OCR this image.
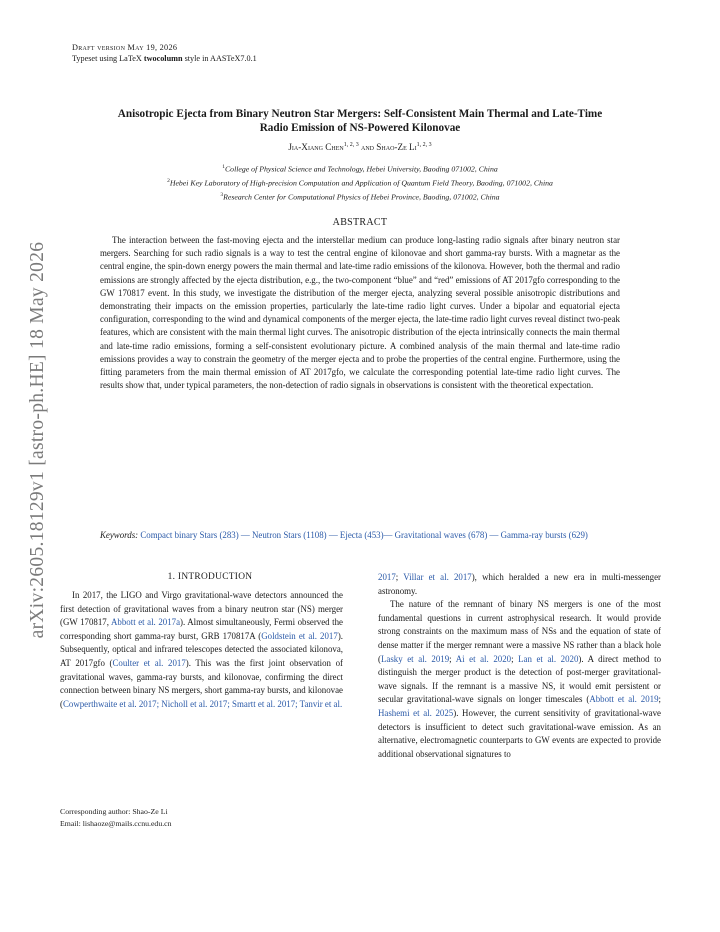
Draft version May 19, 2026
Typeset using LaTeX twocolumn style in AASTeX7.0.1
arXiv:2605.18129v1 [astro-ph.HE] 18 May 2026
Anisotropic Ejecta from Binary Neutron Star Mergers: Self-Consistent Main Thermal and Late-Time
Radio Emission of NS-Powered Kilonovae
Jia-Xiang Chen$^{1, 2, 3}$ and Shao-Ze Li$^{1, 2, 3}$
$^1$College of Physical Science and Technology, Hebei University, Baoding 071002, China
$^2$Hebei Key Laboratory of High-precision Computation and Application of Quantum Field Theory, Baoding, 071002, China
$^3$Research Center for Computational Physics of Hebei Province, Baoding, 071002, China
ABSTRACT
The interaction between the fast-moving ejecta and the interstellar medium can produce long-lasting radio signals after binary neutron star mergers. Searching for such radio signals is a way to test the central engine of kilonovae and short gamma-ray bursts. With a magnetar as the central engine, the spin-down energy powers the main thermal and late-time radio emissions of the kilonova. However, both the thermal and radio emissions are strongly affected by the ejecta distribution, e.g., the two-component “blue” and “red” emissions of AT 2017gfo corresponding to the GW 170817 event. In this study, we investigate the distribution of the merger ejecta, analyzing several possible anisotropic distributions and demonstrating their impacts on the emission properties, particularly the late-time radio light curves. Under a bipolar and equatorial ejecta configuration, corresponding to the wind and dynamical components of the merger ejecta, the late-time radio light curves reveal distinct two-peak features, which are consistent with the main thermal light curves. The anisotropic distribution of the ejecta intrinsically connects the main thermal and late-time radio emissions, forming a self-consistent evolutionary picture. A combined analysis of the main thermal and late-time radio emissions provides a way to constrain the geometry of the merger ejecta and to probe the properties of the central engine. Furthermore, using the fitting parameters from the main thermal emission of AT 2017gfo, we calculate the corresponding potential late-time radio light curves. The results show that, under typical parameters, the non-detection of radio signals in observations is consistent with the theoretical expectation.
Keywords: Compact binary Stars (283) — Neutron Stars (1108) — Ejecta (453)— Gravitational waves (678) — Gamma-ray bursts (629)
1. INTRODUCTION
In 2017, the LIGO and Virgo gravitational-wave detectors announced the first detection of gravitational waves from a binary neutron star (NS) merger (GW 170817, Abbott et al. 2017a). Almost simultaneously, Fermi observed the corresponding short gamma-ray burst, GRB 170817A (Goldstein et al. 2017). Subsequently, optical and infrared telescopes detected the associated kilonova, AT 2017gfo (Coulter et al. 2017). This was the first joint observation of gravitational waves, gamma-ray bursts, and kilonovae, confirming the direct connection between binary NS mergers, short gamma-ray bursts, and kilonovae (Cowperthwaite et al. 2017; Nicholl et al. 2017; Smartt et al. 2017; Tanvir et al.
2017; Villar et al. 2017), which heralded a new era in multi-messenger astronomy.
The nature of the remnant of binary NS mergers is one of the most fundamental questions in current astrophysical research. It would provide strong constraints on the maximum mass of NSs and the equation of state of dense matter if the merger remnant were a massive NS rather than a black hole (Lasky et al. 2019; Ai et al. 2020; Lan et al. 2020). A direct method to distinguish the merger product is the detection of post-merger gravitational-wave signals. If the remnant is a massive NS, it would emit persistent or secular gravitational-wave signals on longer timescales (Abbott et al. 2019; Hashemi et al. 2025). However, the current sensitivity of gravitational-wave detectors is insufficient to detect such gravitational-wave emission. As an alternative, electromagnetic counterparts to GW events are expected to provide additional observational signatures to
Corresponding author: Shao-Ze Li
Email: lishaoze@mails.ccnu.edu.cn
